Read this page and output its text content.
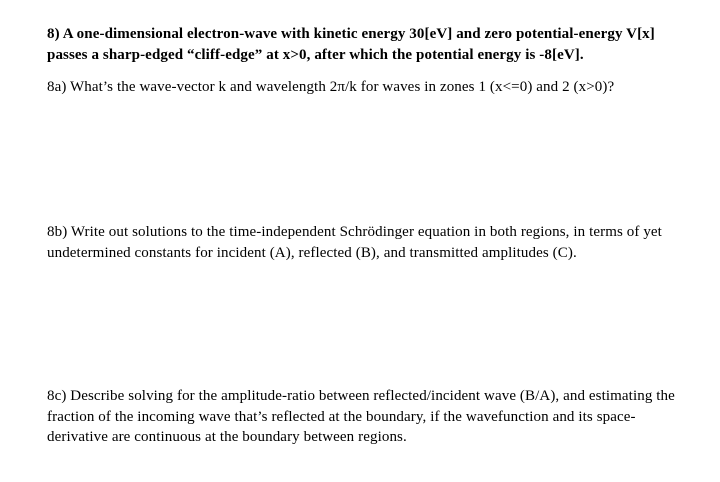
8) A one-dimensional electron-wave with kinetic energy 30[eV] and zero potential-energy V[x] passes a sharp-edged “cliff-edge” at x>0, after which the potential energy is -8[eV].

8a) What’s the wave-vector k and wavelength 2π/k for waves in zones 1 (x<=0) and 2 (x>0)?

8b) Write out solutions to the time-independent Schrödinger equation in both regions, in terms of yet undetermined constants for incident (A), reflected (B), and transmitted amplitudes (C).

8c) Describe solving for the amplitude-ratio between reflected/incident wave (B/A), and estimating the fraction of the incoming wave that’s reflected at the boundary, if the wavefunction and its space-derivative are continuous at the boundary between regions.
